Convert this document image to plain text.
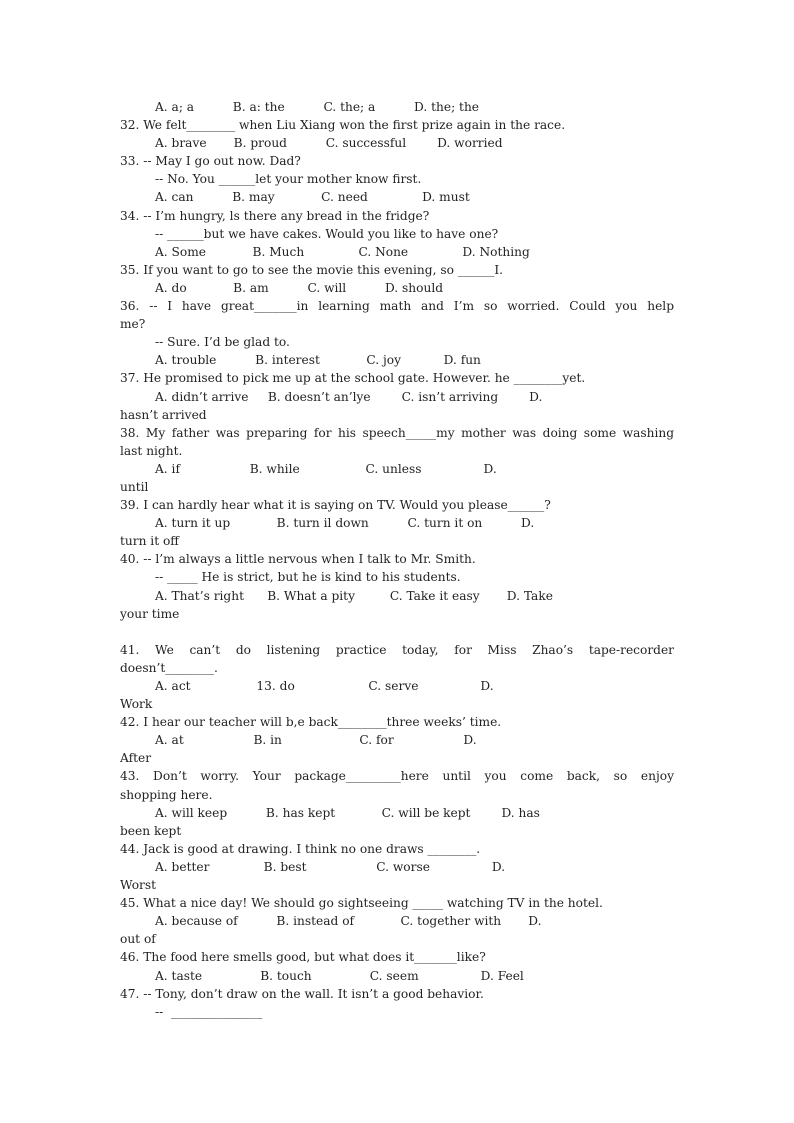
A. a; a          B. a: the          C. the; a          D. the; the
32. We felt________ when Liu Xiang won the first prize again in the race.
A. brave       B. proud          C. successful        D. worried
33. -- May I go out now. Dad?
-- No. You ______let your mother know first.
A. can          B. may            C. need              D. must
34. -- I’m hungry, ls there any bread in the fridge?
-- ______but we have cakes. Would you like to have one?
A. Some            B. Much              C. None              D. Nothing
35. If you want to go to see the movie this evening, so ______I.
A. do            B. am          C. will          D. should
36. -- I have great_______in learning math and I’m so worried. Could you help
me?
-- Sure. I’d be glad to.
A. trouble          B. interest            C. joy           D. fun
37. He promised to pick me up at the school gate. However. he ________yet.
A. didn’t arrive     B. doesn’t an’lye        C. isn’t arriving        D.
hasn’t arrived
38. My father was preparing for his speech_____my mother was doing some washing
last night.
A. if                  B. while                 C. unless                D.
until
39. I can hardly hear what it is saying on TV. Would you please______?
A. turn it up            B. turn il down          C. turn it on          D.
turn it off
40. -- l’m always a little nervous when I talk to Mr. Smith.
-- _____ He is strict, but he is kind to his students.
A. That’s right      B. What a pity         C. Take it easy       D. Take
your time
41. We can’t do listening practice today, for Miss Zhao’s tape-recorder
doesn’t________.
A. act                 13. do                   C. serve                D.
Work
42. I hear our teacher will b,e back________three weeks’ time.
A. at                  B. in                    C. for                  D.
After
43. Don’t worry. Your package_________here until you come back, so enjoy
shopping here.
A. will keep          B. has kept            C. will be kept        D. has
been kept
44. Jack is good at drawing. I think no one draws ________.
A. better              B. best                  C. worse                D.
Worst
45. What a nice day! We should go sightseeing _____ watching TV in the hotel.
A. because of          B. instead of            C. together with       D.
out of
46. The food here smells good, but what does it_______like?
A. taste               B. touch               C. seem                D. Feel
47. -- Tony, don’t draw on the wall. It isn’t a good behavior.
--  _______________
